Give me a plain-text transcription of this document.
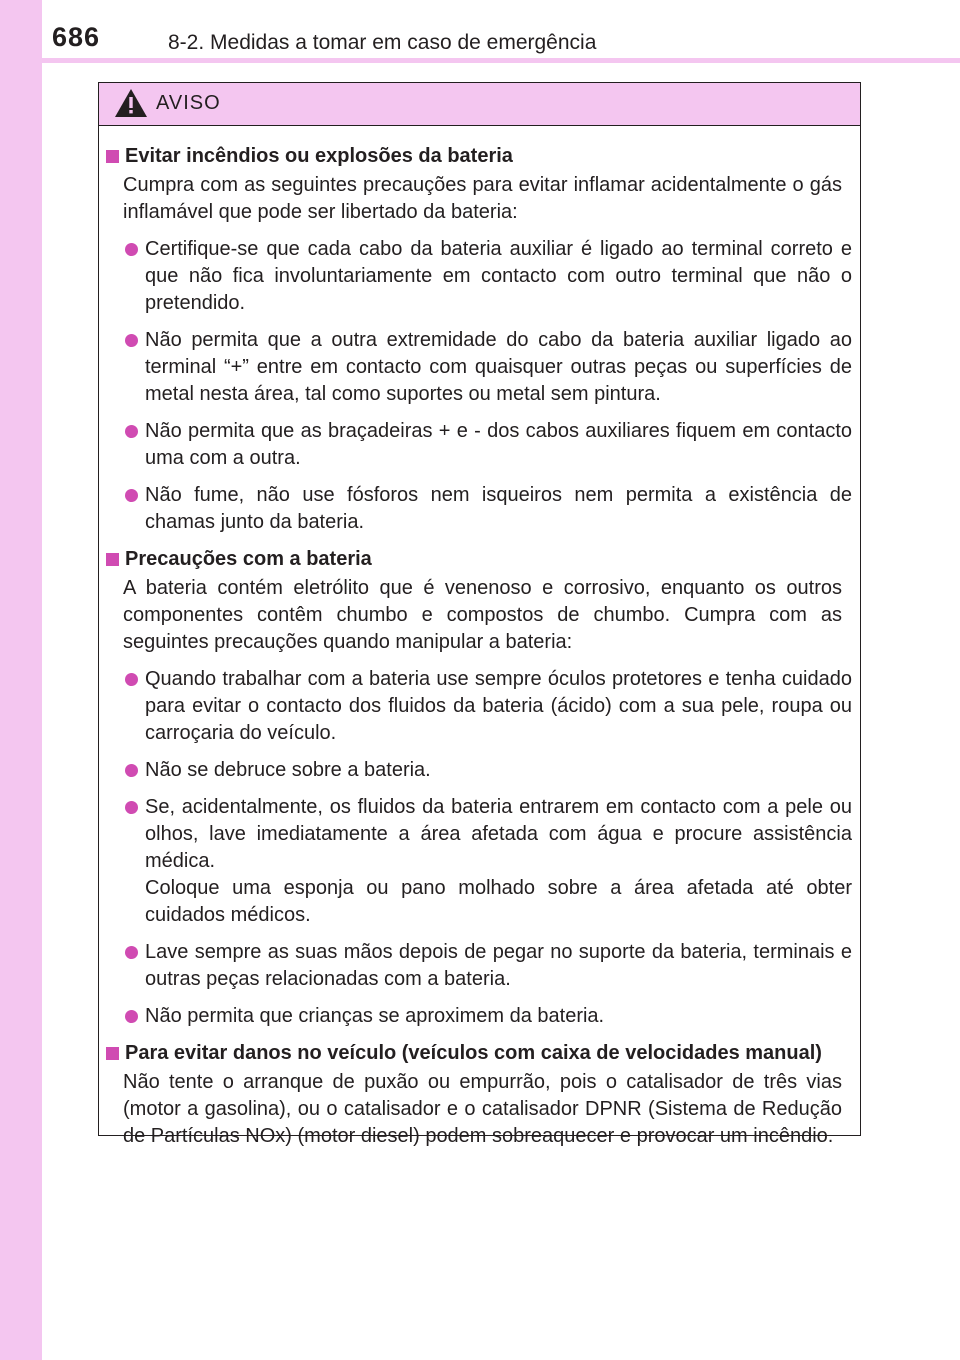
686	8-2. Medidas a tomar em caso de emergência
AVISO
Evitar incêndios ou explosões da bateria
Cumpra com as seguintes precauções para evitar inflamar acidentalmente o gás inflamável que pode ser libertado da bateria:
Certifique-se que cada cabo da bateria auxiliar é ligado ao terminal correto e que não fica involuntariamente em contacto com outro terminal que não o pretendido.
Não permita que a outra extremidade do cabo da bateria auxiliar ligado ao terminal “+” entre em contacto com quaisquer outras peças ou superfícies de metal nesta área, tal como suportes ou metal sem pintura.
Não permita que as braçadeiras + e - dos cabos auxiliares fiquem em contacto uma com a outra.
Não fume, não use fósforos nem isqueiros nem permita a existência de chamas junto da bateria.
Precauções com a bateria
A bateria contém eletrólito que é venenoso e corrosivo, enquanto os outros componentes contêm chumbo e compostos de chumbo. Cumpra com as seguintes precauções quando manipular a bateria:
Quando trabalhar com a bateria use sempre óculos protetores e tenha cuidado para evitar o contacto dos fluidos da bateria (ácido) com a sua pele, roupa ou carroçaria do veículo.
Não se debruce sobre a bateria.
Se, acidentalmente, os fluidos da bateria entrarem em contacto com a pele ou olhos, lave imediatamente a área afetada com água e procure assistência médica.
Coloque uma esponja ou pano molhado sobre a área afetada até obter cuidados médicos.
Lave sempre as suas mãos depois de pegar no suporte da bateria, terminais e outras peças relacionadas com a bateria.
Não permita que crianças se aproximem da bateria.
Para evitar danos no veículo (veículos com caixa de velocidades manual)
Não tente o arranque de puxão ou empurrão, pois o catalisador de três vias (motor a gasolina), ou o catalisador e o catalisador DPNR (Sistema de Redução de Partículas NOx) (motor diesel) podem sobreaquecer e provocar um incêndio.
